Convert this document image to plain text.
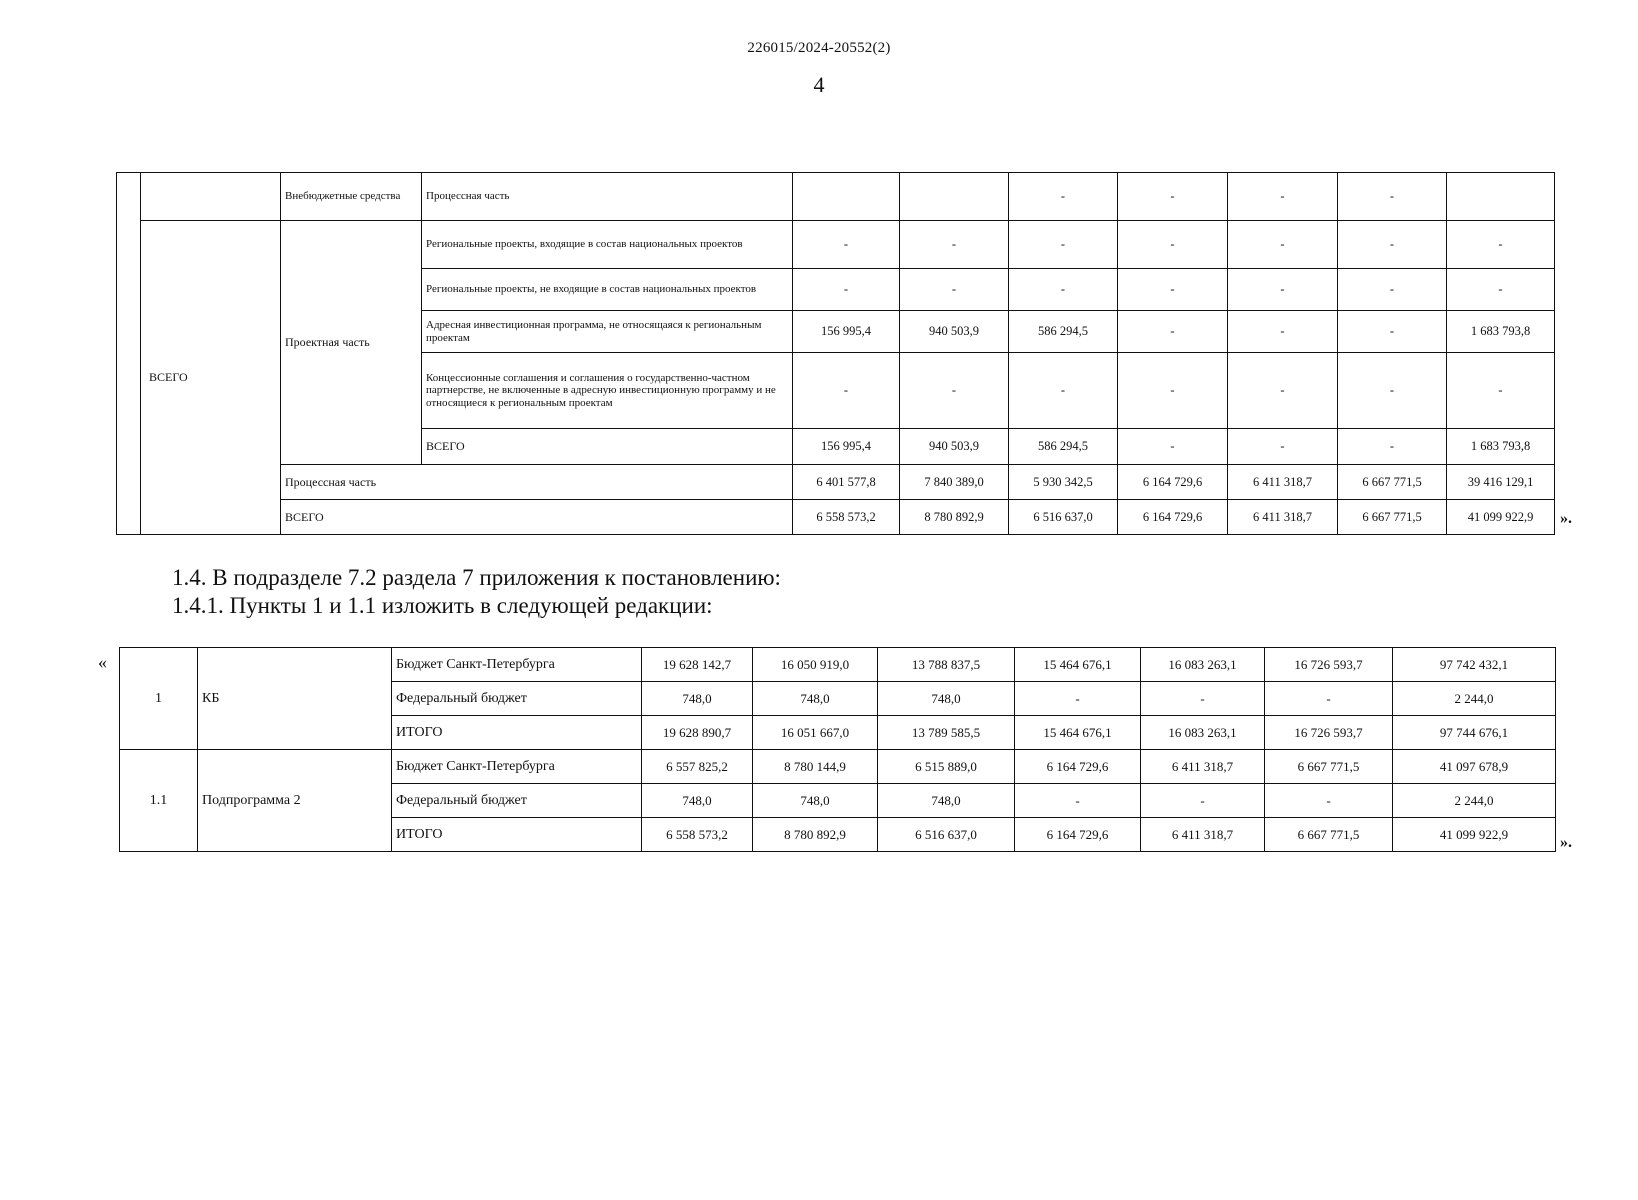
226015/2024-20552(2)
4
		Внебюджетные средства	Процессная часть			-	-	-	-	
	ВСЕГО	Проектная часть	Региональные проекты, входящие в состав национальных проектов	-	-	-	-	-	-	-
			Региональные проекты, не входящие в состав национальных проектов	-	-	-	-	-	-	-
			Адресная инвестиционная программа, не относящаяся к региональным проектам	156 995,4	940 503,9	586 294,5	-	-	-	1 683 793,8
			Концессионные соглашения и соглашения о государственно-частном партнерстве, не включенные в адресную инвестиционную программу и не относящиеся к региональным проектам	-	-	-	-	-	-	-
			ВСЕГО	156 995,4	940 503,9	586 294,5	-	-	-	1 683 793,8
		Процессная часть		6 401 577,8	7 840 389,0	5 930 342,5	6 164 729,6	6 411 318,7	6 667 771,5	39 416 129,1
		ВСЕГО		6 558 573,2	8 780 892,9	6 516 637,0	6 164 729,6	6 411 318,7	6 667 771,5	41 099 922,9 ».
1.4. В подразделе 7.2 раздела 7 приложения к постановлению:
1.4.1. Пункты 1 и 1.1 изложить в следующей редакции:
«
1	КБ	Бюджет Санкт-Петербурга	19 628 142,7	16 050 919,0	13 788 837,5	15 464 676,1	16 083 263,1	16 726 593,7	97 742 432,1
		Федеральный бюджет	748,0	748,0	748,0	-	-	-	2 244,0
		ИТОГО	19 628 890,7	16 051 667,0	13 789 585,5	15 464 676,1	16 083 263,1	16 726 593,7	97 744 676,1
1.1	Подпрограмма 2	Бюджет Санкт-Петербурга	6 557 825,2	8 780 144,9	6 515 889,0	6 164 729,6	6 411 318,7	6 667 771,5	41 097 678,9
		Федеральный бюджет	748,0	748,0	748,0	-	-	-	2 244,0
		ИТОГО	6 558 573,2	8 780 892,9	6 516 637,0	6 164 729,6	6 411 318,7	6 667 771,5	41 099 922,9	».
